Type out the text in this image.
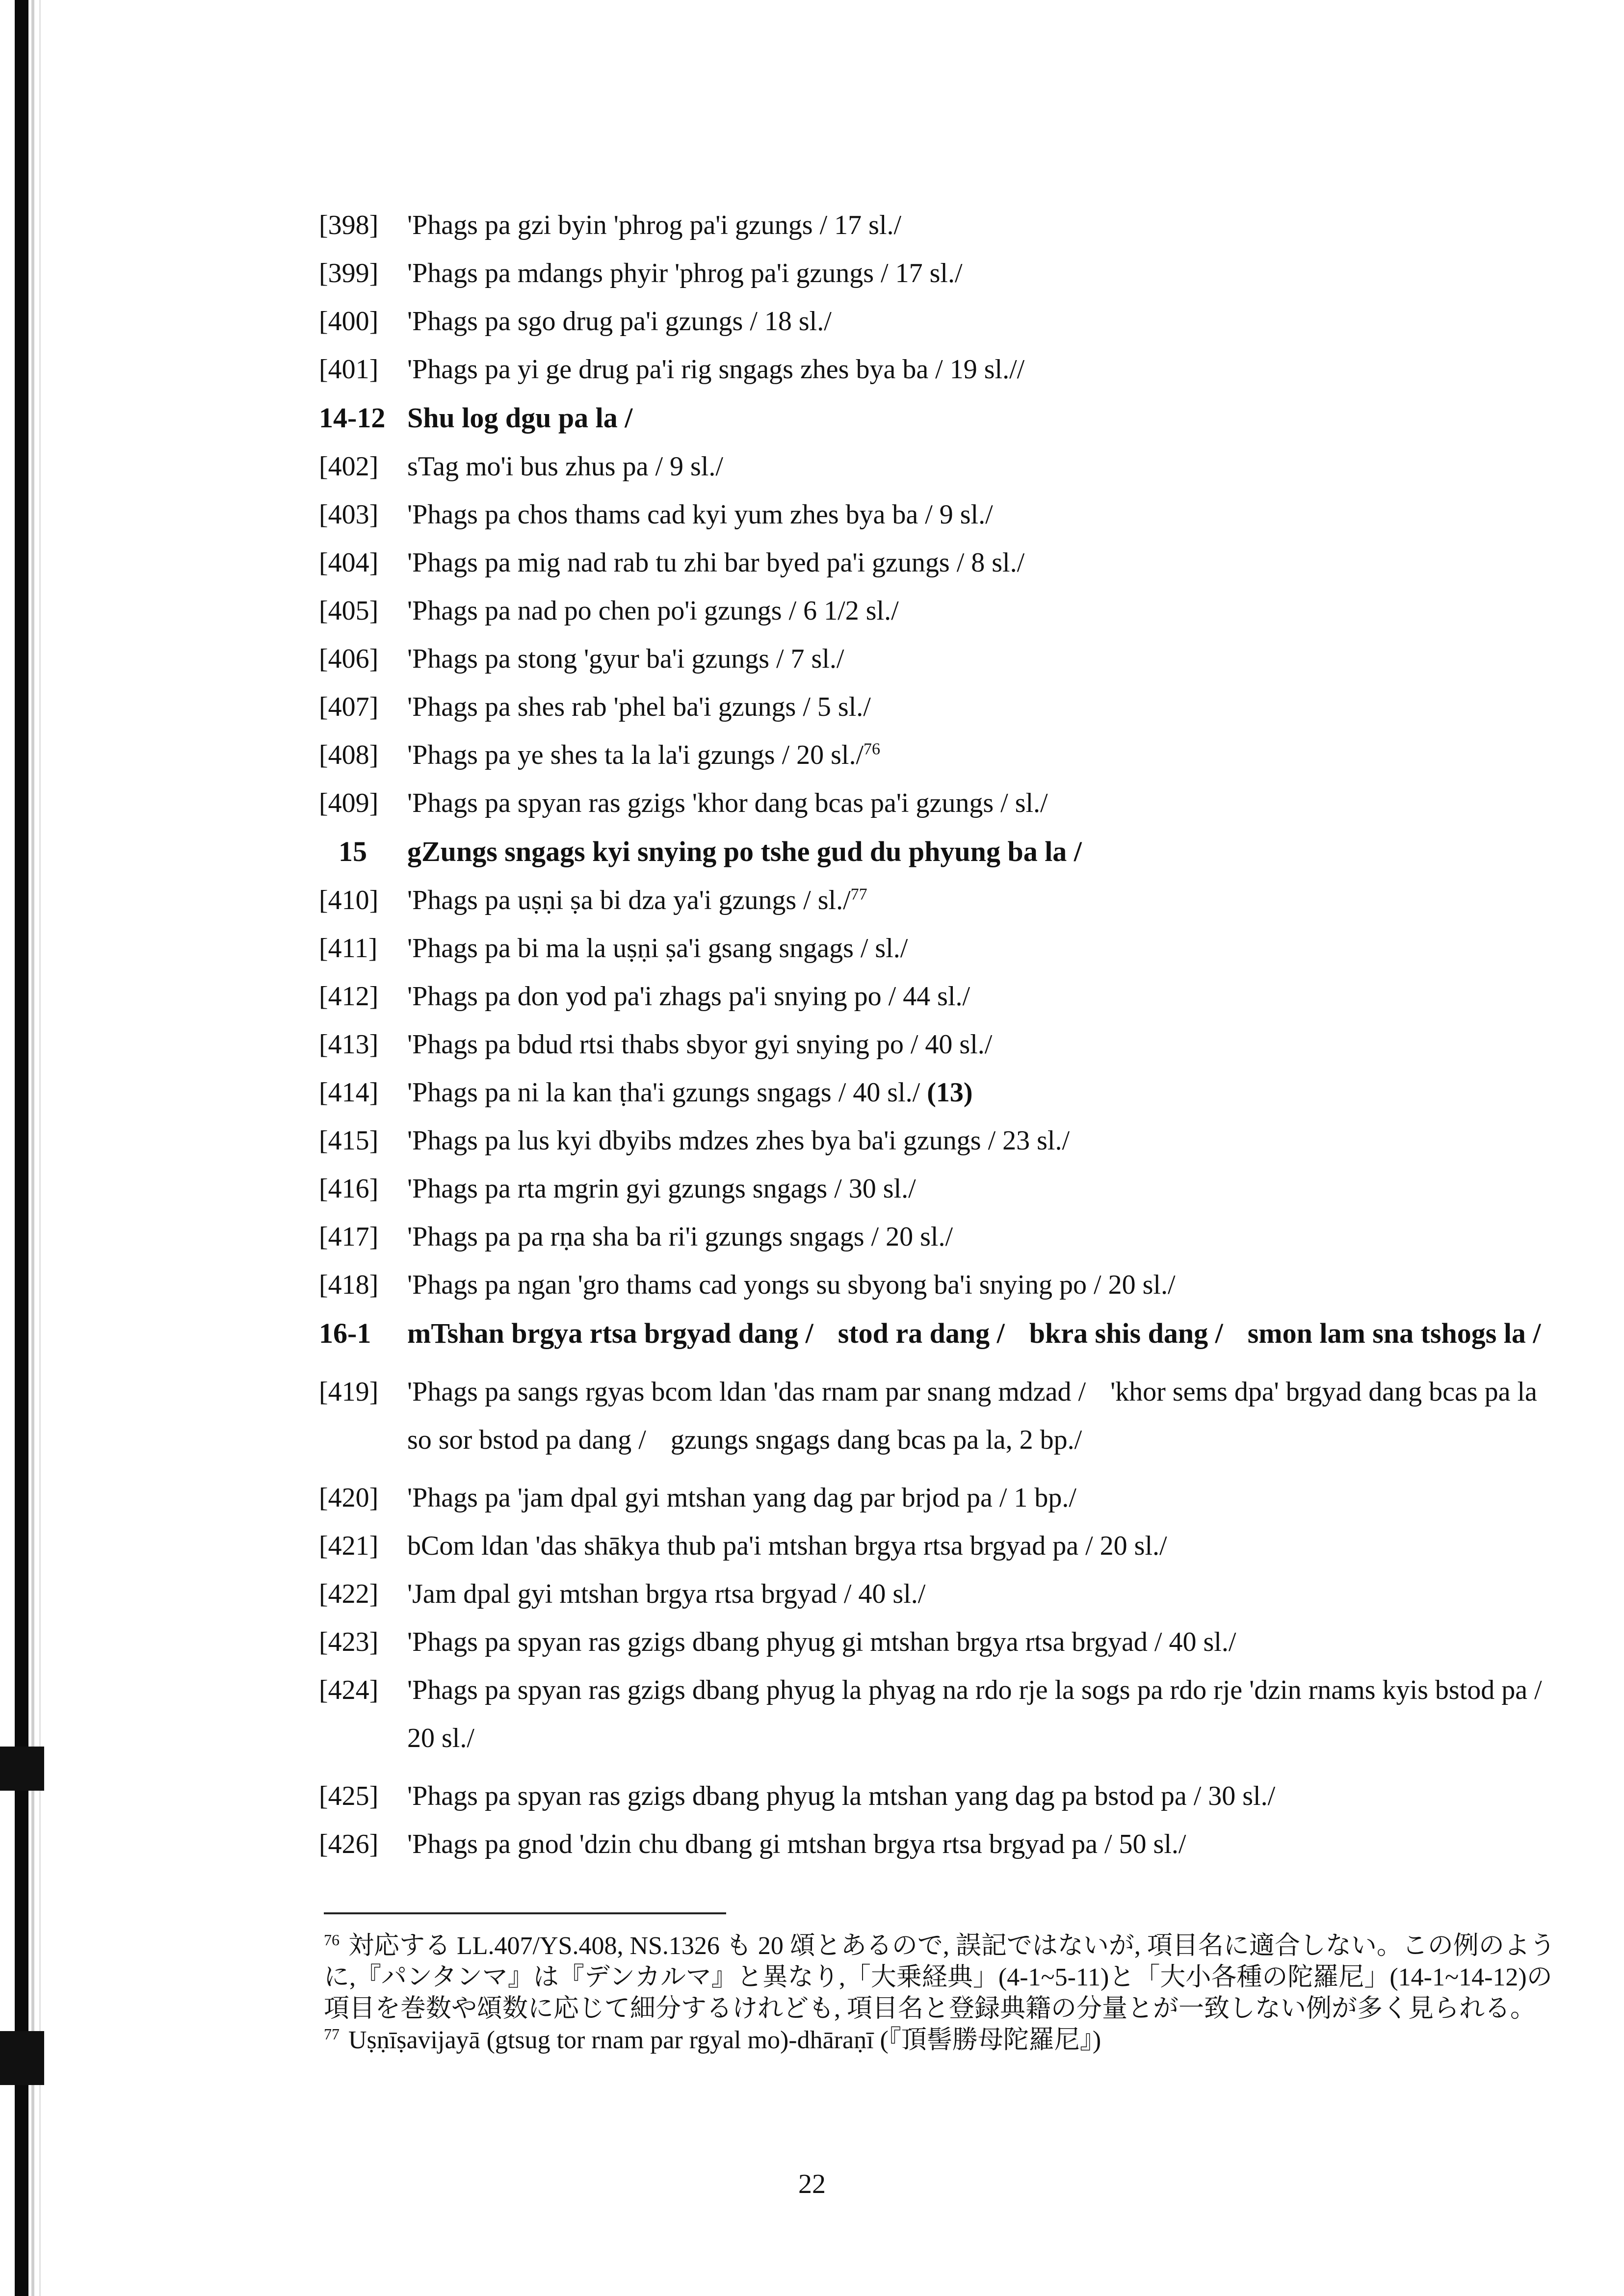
[398]	'Phags pa gzi byin 'phrog pa'i gzungs / 17 sl./
[399]	'Phags pa mdangs phyir 'phrog pa'i gzungs / 17 sl./
[400]	'Phags pa sgo drug pa'i gzungs / 18 sl./
[401]	'Phags pa yi ge drug pa'i rig sngags zhes bya ba / 19 sl.//
14-12 Shu log dgu pa la /
[402]	sTag mo'i bus zhus pa / 9 sl./
[403]	'Phags pa chos thams cad kyi yum zhes bya ba / 9 sl./
[404]	'Phags pa mig nad rab tu zhi bar byed pa'i gzungs / 8 sl./
[405]	'Phags pa nad po chen po'i gzungs / 6 1/2 sl./
[406]	'Phags pa stong 'gyur ba'i gzungs / 7 sl./
[407]	'Phags pa shes rab 'phel ba'i gzungs / 5 sl./
[408]	'Phags pa ye shes ta la la'i gzungs / 20 sl./$^{76}$
[409]	'Phags pa spyan ras gzigs 'khor dang bcas pa'i gzungs / sl./
15	gZungs sngags kyi snying po tshe gud du phyung ba la /
[410]	'Phags pa uṣṇi ṣa bi dza ya'i gzungs / sl./$^{77}$
[411]	'Phags pa bi ma la uṣṇi ṣa'i gsang sngags / sl./
[412]	'Phags pa don yod pa'i zhags pa'i snying po / 44 sl./
[413]	'Phags pa bdud rtsi thabs sbyor gyi snying po / 40 sl./
[414]	'Phags pa ni la kan ṭha'i gzungs sngags / 40 sl./ (13)
[415]	'Phags pa lus kyi dbyibs mdzes zhes bya ba'i gzungs / 23 sl./
[416]	'Phags pa rta mgrin gyi gzungs sngags / 30 sl./
[417]	'Phags pa pa rṇa sha ba ri'i gzungs sngags / 20 sl./
[418]	'Phags pa ngan 'gro thams cad yongs su sbyong ba'i snying po / 20 sl./
16-1	mTshan brgya rtsa brgyad dang / stod ra dang / bkra shis dang / smon lam sna tshogs la /
[419]	'Phags pa sangs rgyas bcom ldan 'das rnam par snang mdzad / 'khor sems dpa' brgyad dang bcas pa la so sor bstod pa dang / gzungs sngags dang bcas pa la, 2 bp./
[420]	'Phags pa 'jam dpal gyi mtshan yang dag par brjod pa / 1 bp./
[421]	bCom ldan 'das shākya thub pa'i mtshan brgya rtsa brgyad pa / 20 sl./
[422]	'Jam dpal gyi mtshan brgya rtsa brgyad / 40 sl./
[423]	'Phags pa spyan ras gzigs dbang phyug gi mtshan brgya rtsa brgyad / 40 sl./
[424]	'Phags pa spyan ras gzigs dbang phyug la phyag na rdo rje la sogs pa rdo rje 'dzin rnams kyis bstod pa / 20 sl./
[425]	'Phags pa spyan ras gzigs dbang phyug la mtshan yang dag pa bstod pa / 30 sl./
[426]	'Phags pa gnod 'dzin chu dbang gi mtshan brgya rtsa brgyad pa / 50 sl./

$^{76}$ 対応する LL.407/YS.408, NS.1326 も 20 頌とあるので, 誤記ではないが, 項目名に適合しない。この例のように,『パンタンマ』は『デンカルマ』と異なり,「大乗経典」(4-1~5-11)と「大小各種の陀羅尼」(14-1~14-12)の項目を巻数や頌数に応じて細分するけれども, 項目名と登録典籍の分量とが一致しない例が多く見られる。

$^{77}$ Uṣṇīṣavijayā (gtsug tor rnam par rgyal mo)-dhāraṇī (『頂髻勝母陀羅尼』)

22
